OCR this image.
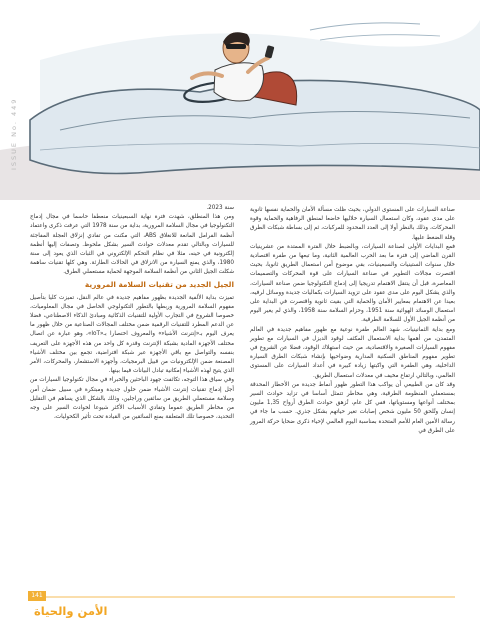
ISSUE No. 449

صناعة السيارات على المستوى الدولي، بحيث ظلت مسألة الأمان والحماية نفسها ثانوية على مدى عقود، وكان استعمال السيارة خلاليها خاضعا لمنطق الرفاهية والحماية وقوة المحركات، وذلك بالنظر أولا إلى العدد المحدود للمركبات، ثم إلى بساطة شبكات الطرق وقلة الضغط عليها.

فمع البدايات الأولى لصناعة السيارات، وبالضبط خلال الفترة الممتدة من عشرينيات القرن الماضي إلى فترة ما بعد الحرب العالمية الثانية، وما تبعها من طفرة اقتصادية خلال سنوات الستينيات والسبعينيات، بقي موضوع أمن استعمال الطريق ثانويا، بحيث اقتصرت مجالات التطوير في صناعة السيارات على قوة المحركات والتصميمات المعاصرة، قبل أن ينتقل الاهتمام تدريجيا إلى إدماج التكنولوجيا ضمن صناعة السيارات، والذي يشكل اليوم على مدى عقود على تزويد السيارات بكماليات جديدة ووسائل لرفيه، بعيدا عن الاهتمام بمعايير الأمان والحماية التي بقيت ثانوية واقتصرت في البداية على استعمال الوسائد الهوائية سنة 1951، وحزام السلامة سنة 1958، والذي لم يغير اليوم من أنظمة الجيل الأول للسلامة الطرقية.

ومع بداية الثمانينيات، شهد العالم طفرة نوعية مع ظهور مفاهيم جديدة في العالم المتمدن، من أهمها بداية الاستعمال المكثف لوقود الديزل في السيارات مع تطوير مفهوم السيارات الصغيرة والاقتصادية، من حيث استهلاك الوقود، فضلا عن الشروع في تطوير مفهوم المناطق السكنية المدارية وضواحيها بإنشاء شبكات الطرق السيارة الداخلية، وهي الطفرة التي واكبتها زيادة كبيرة في أعداد السيارات على المستوى العالمي، وبالتالي ارتفاع مخيف في معدلات استعمال الطريق.

وقد كان من الطبيعي أن يواكب هذا التطور ظهور أنماط جديدة من الأخطار المحدقة بمستعملي المنظومة الطرقية، وهي مخاطر تتمثل أساسا في تزايد حوادث السير بمختلف أنواعها ومستوياتها، ففي كل عام، تُزهق حوادث الطرق أرواح 1,35 مليون إنسان وتُلحق 50 مليون شخص إصابات تغير حياتهم بشكل جذري. حسب ما جاء في رسالة الأمين العام للأمم المتحدة بمناسبة اليوم العالمي لإحياء ذكرى ضحايا حركة المرور على الطرق في

سنة 2023.

ومن هذا المنطلق، شهدت فترة نهاية السبعينيات منعطفا حاسما في مجال إدماج التكنولوجيا في مجال السلامة المرورية، بداية من سنة 1978 التي عرفت ذكرى واعتماد أنظمة الفرامل المانعة للانغلاق ABS، التي مكنت من تفادي إنزلاق العجلة المفاجئة للسيارات وبالتالي تقدم معدلات حوادث السير بشكل ملحوظ. وتصفات إليها أنظمة إلكترونية في حينه، مثلا في نظام التحكم الإلكتروني في الثبات الذي يعود إلى سنة 1980، والذي يمنع السيارة من الانزلاق في الحالات الطارئة. وهي كلها تقنيات ساهمة شكلت الجيل الثاني من أنظمة السلامة الموجهة لحماية مستعملي الطرق.

الجيل الجديد من تقنيات السلامة المرورية

تميزت بداية الألفية الجديدة بظهور مفاهيم جديدة في عالم النقل، تميزت كليا بتأصيل مفهوم السلامة المرورية وربطها بالتطور التكنولوجي الحاصل في مجال المعلوميات، خصوصا الشروع في التجارب الأولية للتقنيات الذكائية ومبادئ الذكاء الاصطناعي، فضلا عن الدعم المطرد للتقنيات الرقمية ضمن مختلف المجالات الصناعية من خلال ظهور ما يعرف اليوم بـ«إنترنت الأشياء» والمعروف اختصارا بـ«IoT»، وهو عبارة عن اتصال مختلف الأجهزة المادية بشبكة الإنترنت وقدرة كل واحد من هذه الأجهزة على التعريف بنفسه والتواصل مع باقي الأجهزة عبر شبكة افتراضية، تجمع بين مختلف الأشياء المصنعة ضمن الإلكترونيات من قبيل البرمجيات، وأجهزة الاستشعار، والمحركات، الأمر الذي يتيح لهذه الأشياء إمكانية تبادل البيانات فيما بينها.

وفي سياق هذا التوجه، تكاثفت جهود الباحثين والخبراء في مجال تكنولوجيا السيارات من أجل إدماج تقنيات إنترنت الأشياء ضمن حلول جديدة ومبتكرة في سبيل ضمان أمن وسلامة مستعملي الطريق من سائقين وراجلين، وذلك بالشكل الذي يساهم في التقليل من مخاطر الطريق عموما وتفادي الأسباب الأكثر شيوعا لحوادث السير على وجه التحديد، خصوصا تلك المتعلقة بمنع السائقين من القيادة تحت تأثير الكحوليات،

141
الأمن والحياة
